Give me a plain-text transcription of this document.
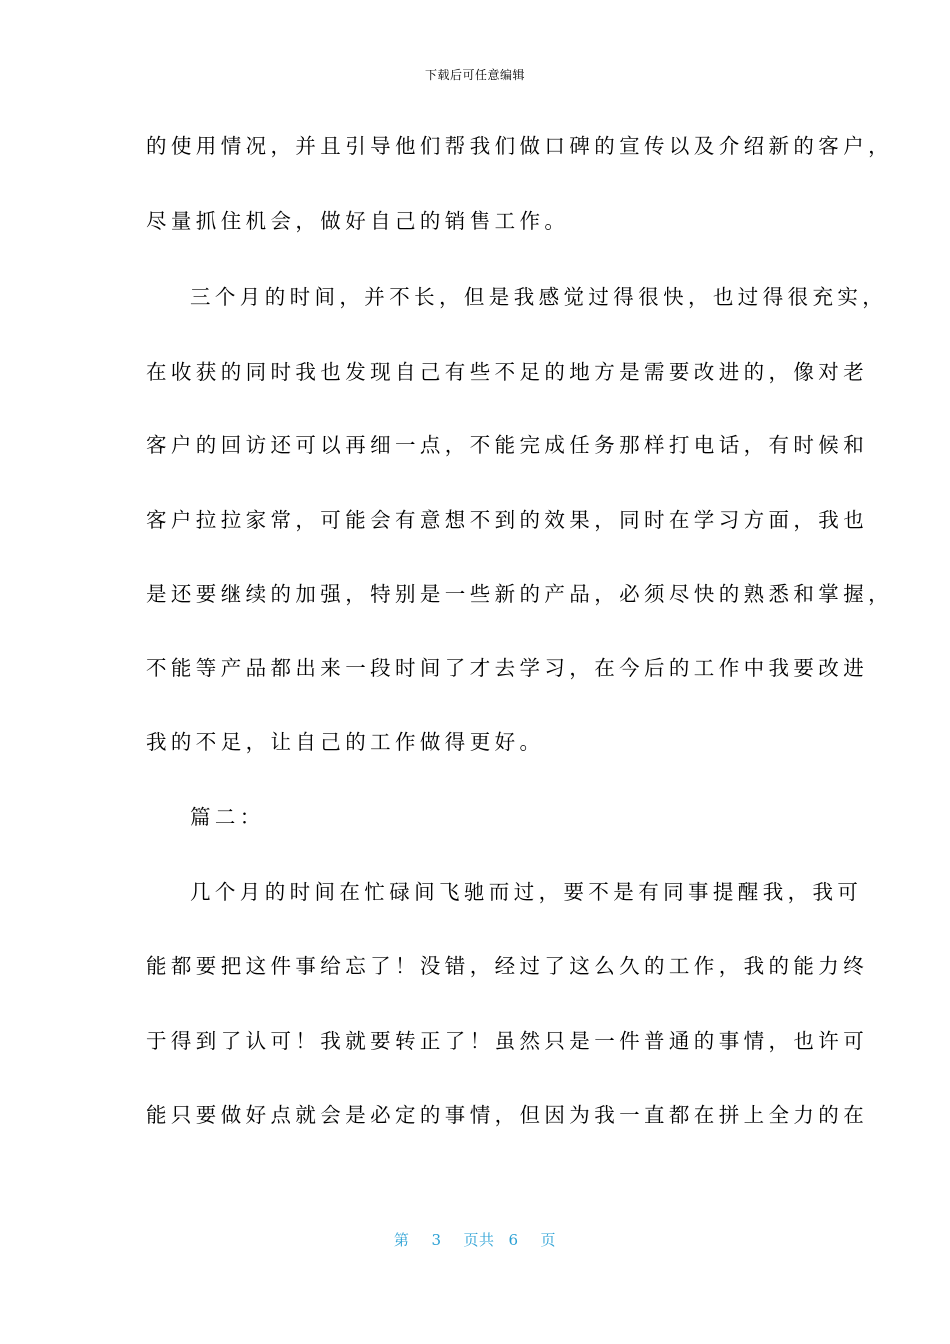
下载后可任意编辑
的使用情况，并且引导他们帮我们做口碑的宣传以及介绍新的客户，
尽量抓住机会，做好自己的销售工作。
三个月的时间，并不长，但是我感觉过得很快，也过得很充实，
在收获的同时我也发现自己有些不足的地方是需要改进的，像对老
客户的回访还可以再细一点，不能完成任务那样打电话，有时候和
客户拉拉家常，可能会有意想不到的效果，同时在学习方面，我也
是还要继续的加强，特别是一些新的产品，必须尽快的熟悉和掌握，
不能等产品都出来一段时间了才去学习，在今后的工作中我要改进
我的不足，让自己的工作做得更好。
篇二：
几个月的时间在忙碌间飞驰而过，要不是有同事提醒我，我可
能都要把这件事给忘了！没错，经过了这么久的工作，我的能力终
于得到了认可！我就要转正了！虽然只是一件普通的事情，也许可
能只要做好点就会是必定的事情，但因为我一直都在拼上全力的在
第 3 页共 6 页
